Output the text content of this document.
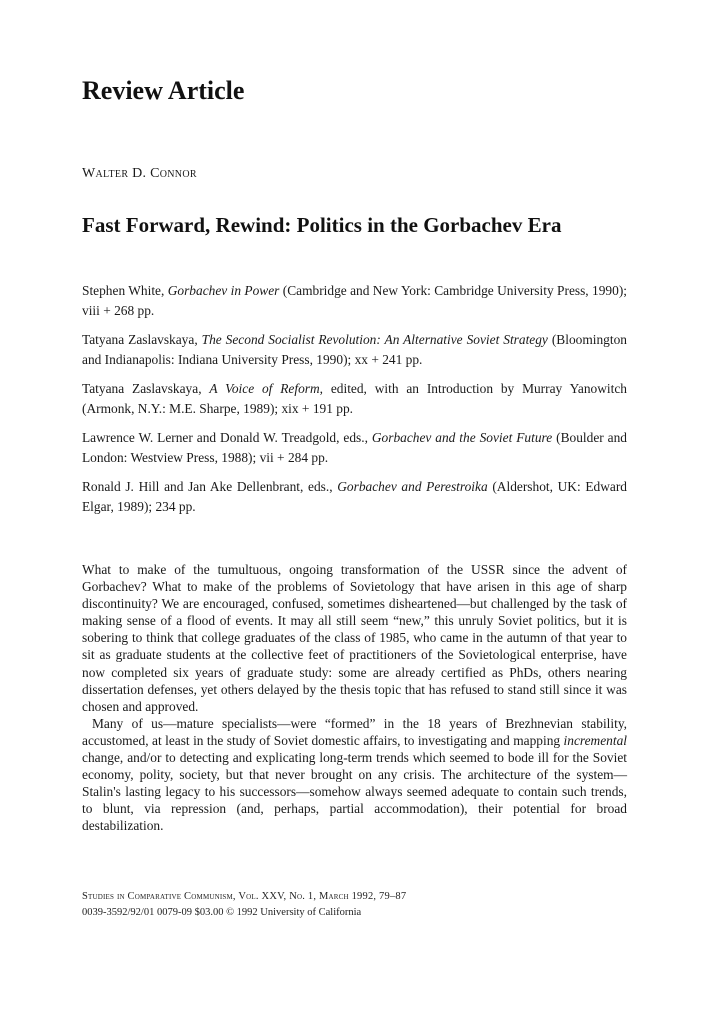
Review Article

Walter D. Connor

Fast Forward, Rewind: Politics in the Gorbachev Era

Stephen White, Gorbachev in Power (Cambridge and New York: Cambridge University Press, 1990); viii + 268 pp.

Tatyana Zaslavskaya, The Second Socialist Revolution: An Alternative Soviet Strategy (Bloomington and Indianapolis: Indiana University Press, 1990); xx + 241 pp.

Tatyana Zaslavskaya, A Voice of Reform, edited, with an Introduction by Murray Yanowitch (Armonk, N.Y.: M.E. Sharpe, 1989); xix + 191 pp.

Lawrence W. Lerner and Donald W. Treadgold, eds., Gorbachev and the Soviet Future (Boulder and London: Westview Press, 1988); vii + 284 pp.

Ronald J. Hill and Jan Ake Dellenbrant, eds., Gorbachev and Perestroika (Aldershot, UK: Edward Elgar, 1989); 234 pp.

What to make of the tumultuous, ongoing transformation of the USSR since the advent of Gorbachev? What to make of the problems of Sovietology that have arisen in this age of sharp discontinuity? We are encouraged, confused, sometimes disheartened—but challenged by the task of making sense of a flood of events. It may all still seem “new,” this unruly Soviet politics, but it is sobering to think that college graduates of the class of 1985, who came in the autumn of that year to sit as graduate students at the collective feet of practitioners of the Sovietological enterprise, have now completed six years of graduate study: some are already certified as PhDs, others nearing dissertation defenses, yet others delayed by the thesis topic that has refused to stand still since it was chosen and approved.

Many of us—mature specialists—were “formed” in the 18 years of Brezhnevian stability, accustomed, at least in the study of Soviet domestic affairs, to investigating and mapping incremental change, and/or to detecting and explicating long-term trends which seemed to bode ill for the Soviet economy, polity, society, but that never brought on any crisis. The architecture of the system—Stalin's lasting legacy to his successors—somehow always seemed adequate to contain such trends, to blunt, via repression (and, perhaps, partial accommodation), their potential for broad destabilization.

Studies in Comparative Communism, Vol. XXV, No. 1, March 1992, 79–87

0039-3592/92/01 0079-09 $03.00 © 1992 University of California
